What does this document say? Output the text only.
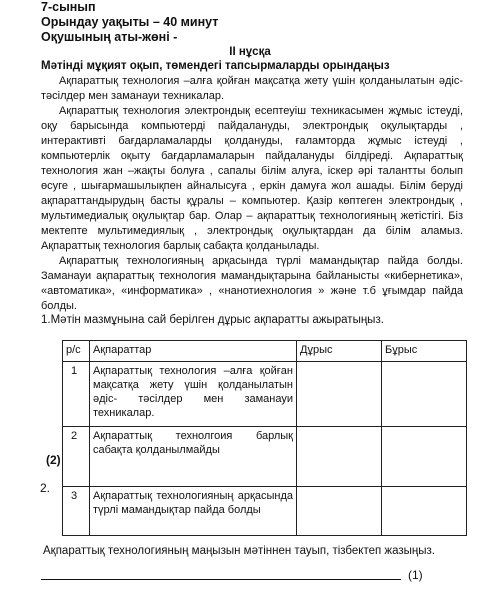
7-сынып
Орындау уақыты – 40 минут
Оқушының аты-жөні -
ІІ нұсқа
Мәтінді мұқият оқып, төмендегі тапсырмаларды орындаңыз

Ақпараттық технология –алға қойған мақсатқа жету үшін қолданылатын әдіс-тәсілдер мен заманауи техникалар.

Ақпараттық технология электрондық есептеуіш техникасымен жұмыс істеуді, оқу барысында компьютерді пайдалануды, электрондық оқулықтарды , интерактивті бағдарламаларды қолдануды, ғаламторда жұмыс істеуді , компьютерлік оқыту бағдарламаларын пайдалануды білдіреді. Ақпараттық технология жан –жақты болуға , сапалы білім алуға, іскер әрі талантты болып өсуге , шығармашылықпен айналысуға , еркін дамуға жол ашады. Білім беруді ақпараттандырудың басты құралы – компьютер. Қазір көптеген электрондық , мультимедиалық оқулықтар бар. Олар – ақпараттық технологияның жетістігі. Біз мектепте мультимедиялық , электрондық оқулықтардан да білім аламыз. Ақпараттық технология барлық сабақта қолданылады.

Ақпараттық технологияның арқасында түрлі мамандықтар пайда болды. Заманауи ақпараттық технология мамандықтарына байланысты «кибернетика», «автоматика», «информатика» , «нанотиехнология » және т.б ұғымдар пайда болды.

1.Мәтін мазмұнына сай берілген дұрыс ақпаратты ажыратыңыз.
р/с	Ақпараттар	Дұрыс	Бұрыс
1	Ақпараттық технология –алға қойған мақсатқа жету үшін қолданылатын әдіс- тәсілдер мен заманауи техникалар.		
2	Ақпараттық технолгоия барлық сабақта қолданылмайды		
3	Ақпараттық технологияның арқасында түрлі мамандықтар пайда болды		
(2)
2.
Ақпараттық технологияның маңызын мәтіннен тауып, тізбектеп жазыңыз.
(1)
